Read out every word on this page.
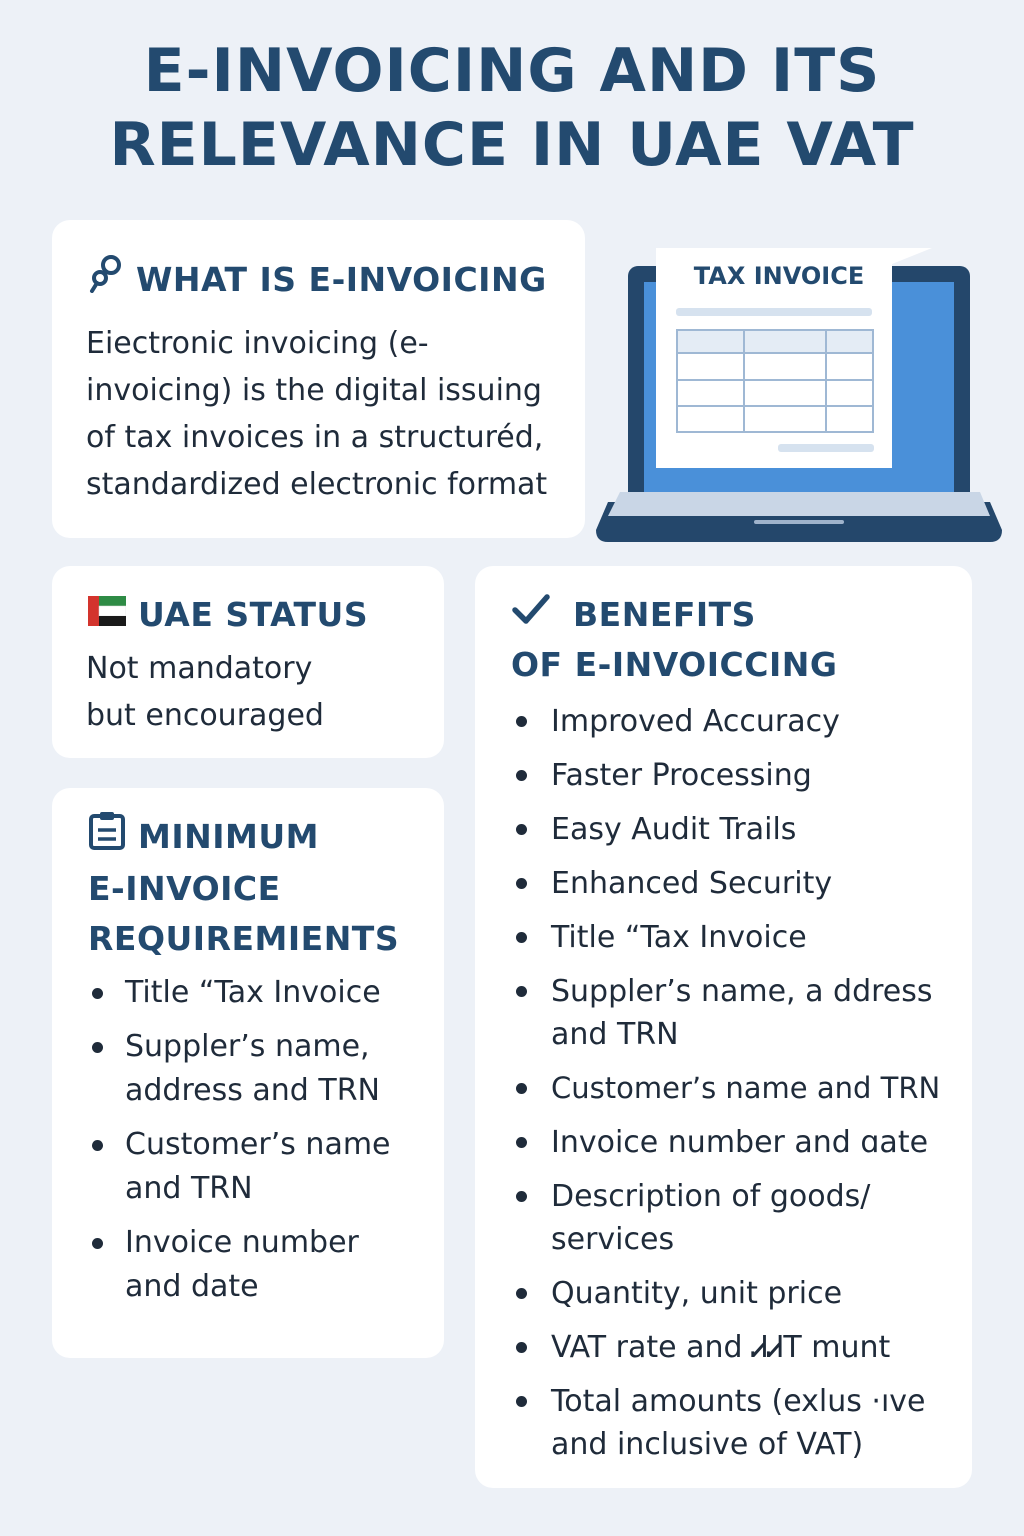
E-INVOICING AND ITS
RELEVANCE IN UAE VAT
WHAT IS E-INVOICING
Eiectronic invoicing (e-
invoicing) is the digital issuing
of tax invoices in a structuréd,
standardized electronic format
TAX INVOICE
UAE STATUS
Not mandatory
but encouraged
MINIMUM
E-INVOICE
REQUIREMIENTS
Title “Tax Invoice
Suppler’s name,
address and TRN
Customer’s name
and TRN
Invoice number
and date
BENEFITS
OF E-INVOICCING
Improved Accuracy
Faster Processing
Easy Audit Trails
Enhanced Security
Title “Tax Invoice
Suppler’s name, a ddress
and TRN
Customer’s name and TRN
Invoice number and ɑate
Description of goods/
services
Quantity, unit price
VAT rate and ᏗᏗT munt
Total amounts (exlus ·ıve
and inclusive of VAT)
